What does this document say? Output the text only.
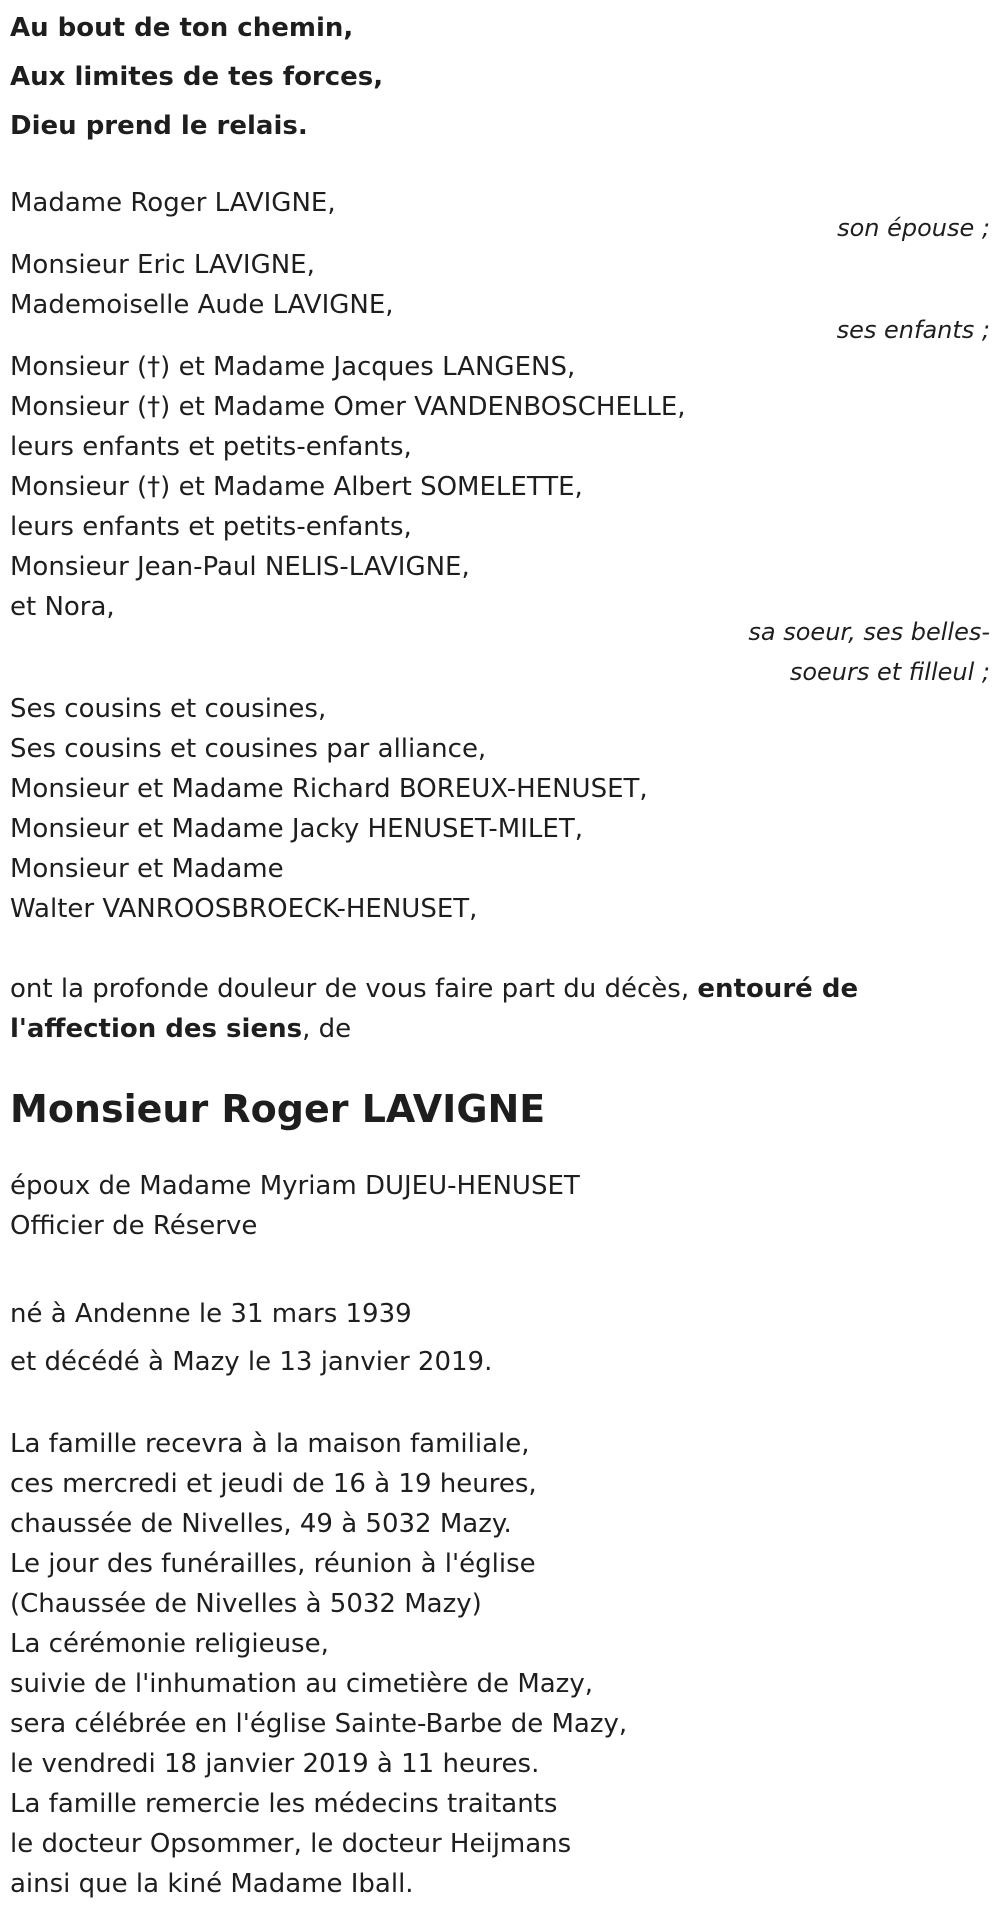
Au bout de ton chemin,
Aux limites de tes forces,
Dieu prend le relais.
Madame Roger LAVIGNE,
son épouse ;
Monsieur Eric LAVIGNE,
Mademoiselle Aude LAVIGNE,
ses enfants ;
Monsieur (†) et Madame Jacques LANGENS,
Monsieur (†) et Madame Omer VANDENBOSCHELLE,
leurs enfants et petits-enfants,
Monsieur (†) et Madame Albert SOMELETTE,
leurs enfants et petits-enfants,
Monsieur Jean-Paul NELIS-LAVIGNE,
et Nora,
sa soeur, ses belles-
soeurs et filleul ;
Ses cousins et cousines,
Ses cousins et cousines par alliance,
Monsieur et Madame Richard BOREUX-HENUSET,
Monsieur et Madame Jacky HENUSET-MILET,
Monsieur et Madame
Walter VANROOSBROECK-HENUSET,
ont la profonde douleur de vous faire part du décès, entouré de
l'affection des siens, de
Monsieur Roger LAVIGNE
époux de Madame Myriam DUJEU-HENUSET
Officier de Réserve
né à Andenne le 31 mars 1939
et décédé à Mazy le 13 janvier 2019.
La famille recevra à la maison familiale,
ces mercredi et jeudi de 16 à 19 heures,
chaussée de Nivelles, 49 à 5032 Mazy.
Le jour des funérailles, réunion à l'église
(Chaussée de Nivelles à 5032 Mazy)
La cérémonie religieuse,
suivie de l'inhumation au cimetière de Mazy,
sera célébrée en l'église Sainte-Barbe de Mazy,
le vendredi 18 janvier 2019 à 11 heures.
La famille remercie les médecins traitants
le docteur Opsommer, le docteur Heijmans
ainsi que la kiné Madame Iball.
